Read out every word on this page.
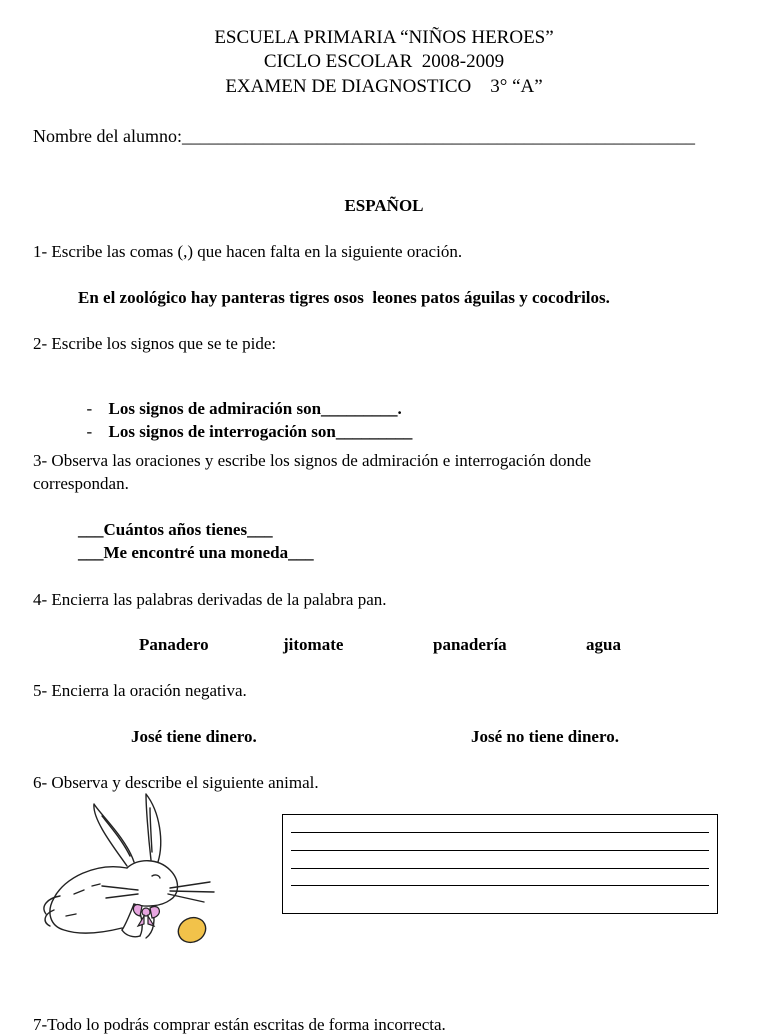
ESCUELA PRIMARIA “NIÑOS HEROES”
CICLO ESCOLAR  2008-2009
EXAMEN DE DIAGNOSTICO    3° “A”
Nombre del alumno:_________________________________________________________
ESPAÑOL
1- Escribe las comas (,) que hacen falta en la siguiente oración.
En el zoológico hay panteras tigres osos  leones patos águilas y cocodrilos.
2- Escribe los signos que se te pide:

- Los signos de admiración son_________.

- Los signos de interrogación son_________

3- Observa las oraciones y escribe los signos de admiración e interrogación donde
correspondan.
___Cuántos años tienes___
___Me encontré una moneda___
4- Encierra las palabras derivadas de la palabra pan.
Panadero	jitomate	panadería	agua
5- Encierra la oración negativa.
José tiene dinero.	José no tiene dinero.
6- Observa y describe el siguiente animal.
7-Todo lo podrás comprar están escritas de forma incorrecta.
